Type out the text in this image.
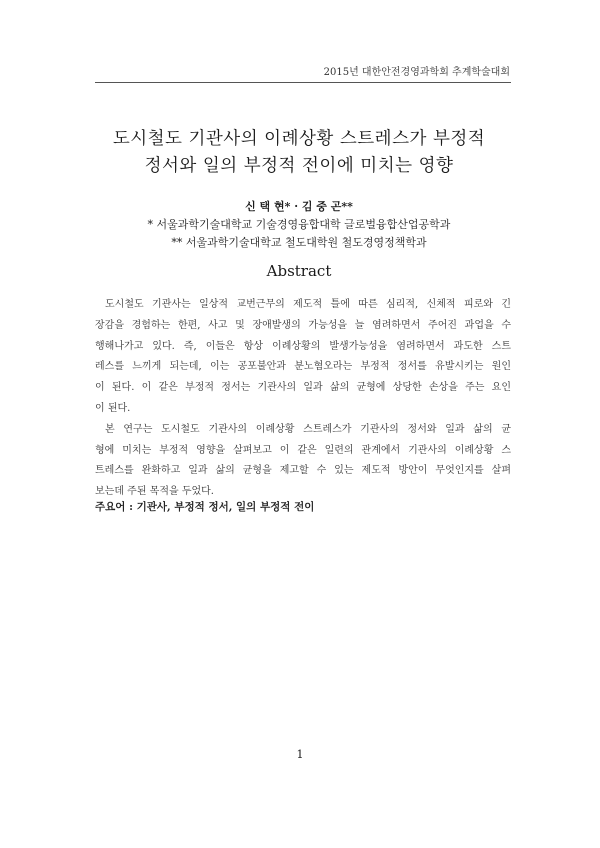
2015년 대한안전경영과학회 추계학술대회
도시철도 기관사의 이례상황 스트레스가 부정적
정서와 일의 부정적 전이에 미치는 영향
신 택 현* · 김 중 곤**
* 서울과학기술대학교 기술경영융합대학 글로벌융합산업공학과
** 서울과학기술대학교 철도대학원 철도경영정책학과
Abstract
도시철도 기관사는 일상적 교번근무의 제도적 틀에 따른 심리적, 신체적 피로와 긴
장감을 경험하는 한편, 사고 및 장애발생의 가능성을 늘 염려하면서 주어진 과업을 수
행해나가고 있다. 즉, 이들은 항상 이례상황의 발생가능성을 염려하면서 과도한 스트
레스를 느끼게 되는데, 이는 공포불안과 분노혐오라는 부정적 정서를 유발시키는 원인
이 된다. 이 같은 부정적 정서는 기관사의 일과 삶의 균형에 상당한 손상을 주는 요인
이 된다.
본 연구는 도시철도 기관사의 이례상황 스트레스가 기관사의 정서와 일과 삶의 균
형에 미치는 부정적 영향을 살펴보고 이 같은 일련의 관계에서 기관사의 이례상황 스
트레스를 완화하고 일과 삶의 균형을 제고할 수 있는 제도적 방안이 무엇인지를 살펴
보는데 주된 목적을 두었다.
주요어 : 기관사, 부정적 정서, 일의 부정적 전이
1
